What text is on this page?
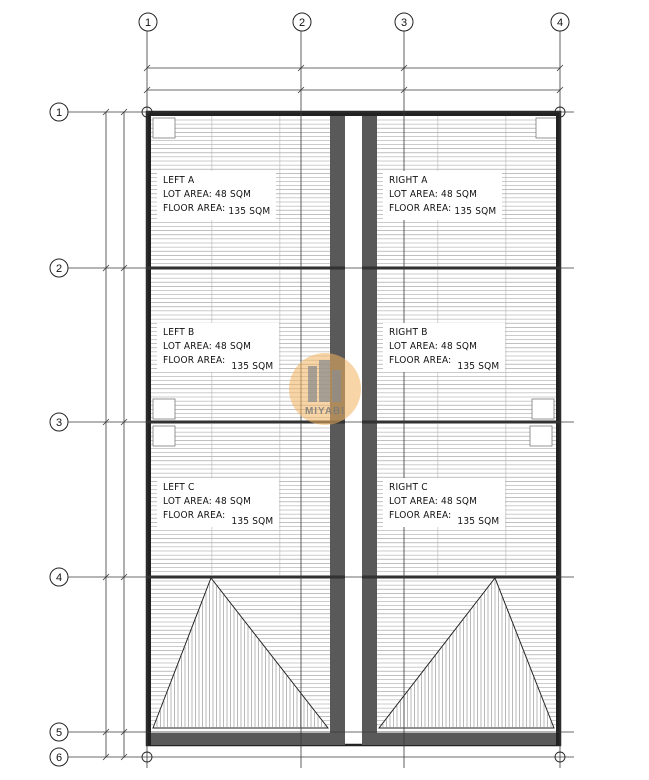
1	2	3	4
1
2
3
4
5
6
LEFT A
LOT AREA: 48 SQM
FLOOR AREA: 135 SQM
RIGHT A
LOT AREA: 48 SQM
FLOOR AREA: 135 SQM
LEFT B
LOT AREA: 48 SQM
FLOOR AREA:135 SQM
RIGHT B
LOT AREA: 48 SQM
FLOOR AREA:135 SQM
LEFT C
LOT AREA: 48 SQM
FLOOR AREA:135 SQM
RIGHT C
LOT AREA: 48 SQM
FLOOR AREA:135 SQM
MIYABI
